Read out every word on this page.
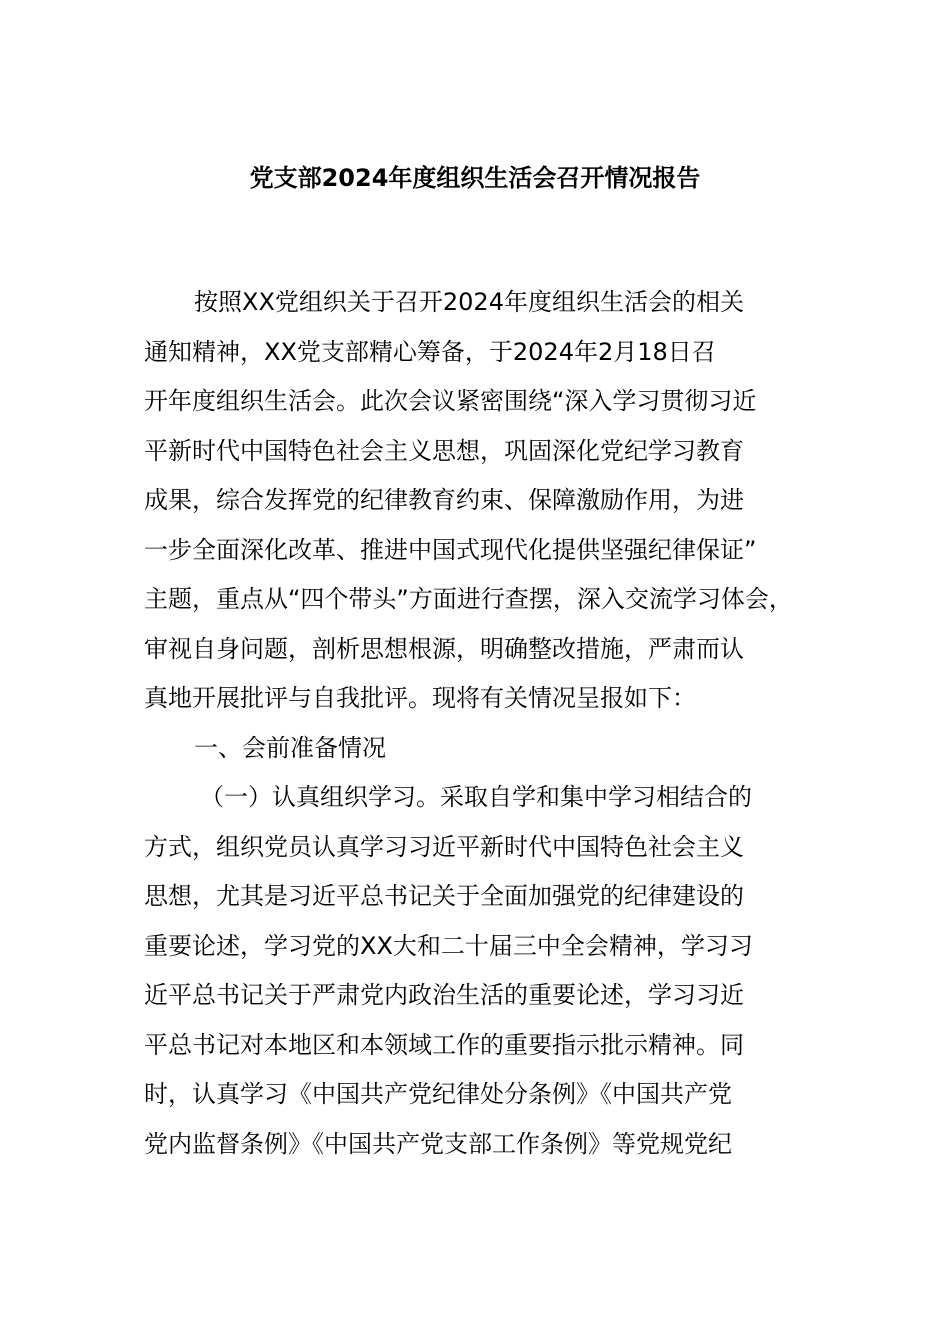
党支部2024年度组织生活会召开情况报告
按照XX党组织关于召开2024年度组织生活会的相关
通知精神，XX党支部精心筹备，于2024年2月18日召
开年度组织生活会。此次会议紧密围绕“深入学习贯彻习近
平新时代中国特色社会主义思想，巩固深化党纪学习教育
成果，综合发挥党的纪律教育约束、保障激励作用，为进
一步全面深化改革、推进中国式现代化提供坚强纪律保证”
主题，重点从“四个带头”方面进行查摆，深入交流学习体会，
审视自身问题，剖析思想根源，明确整改措施，严肃而认
真地开展批评与自我批评。现将有关情况呈报如下：
一、会前准备情况
（一）认真组织学习。采取自学和集中学习相结合的
方式，组织党员认真学习习近平新时代中国特色社会主义
思想，尤其是习近平总书记关于全面加强党的纪律建设的
重要论述，学习党的XX大和二十届三中全会精神，学习习
近平总书记关于严肃党内政治生活的重要论述，学习习近
平总书记对本地区和本领域工作的重要指示批示精神。同
时，认真学习《中国共产党纪律处分条例》《中国共产党
党内监督条例》《中国共产党支部工作条例》等党规党纪
